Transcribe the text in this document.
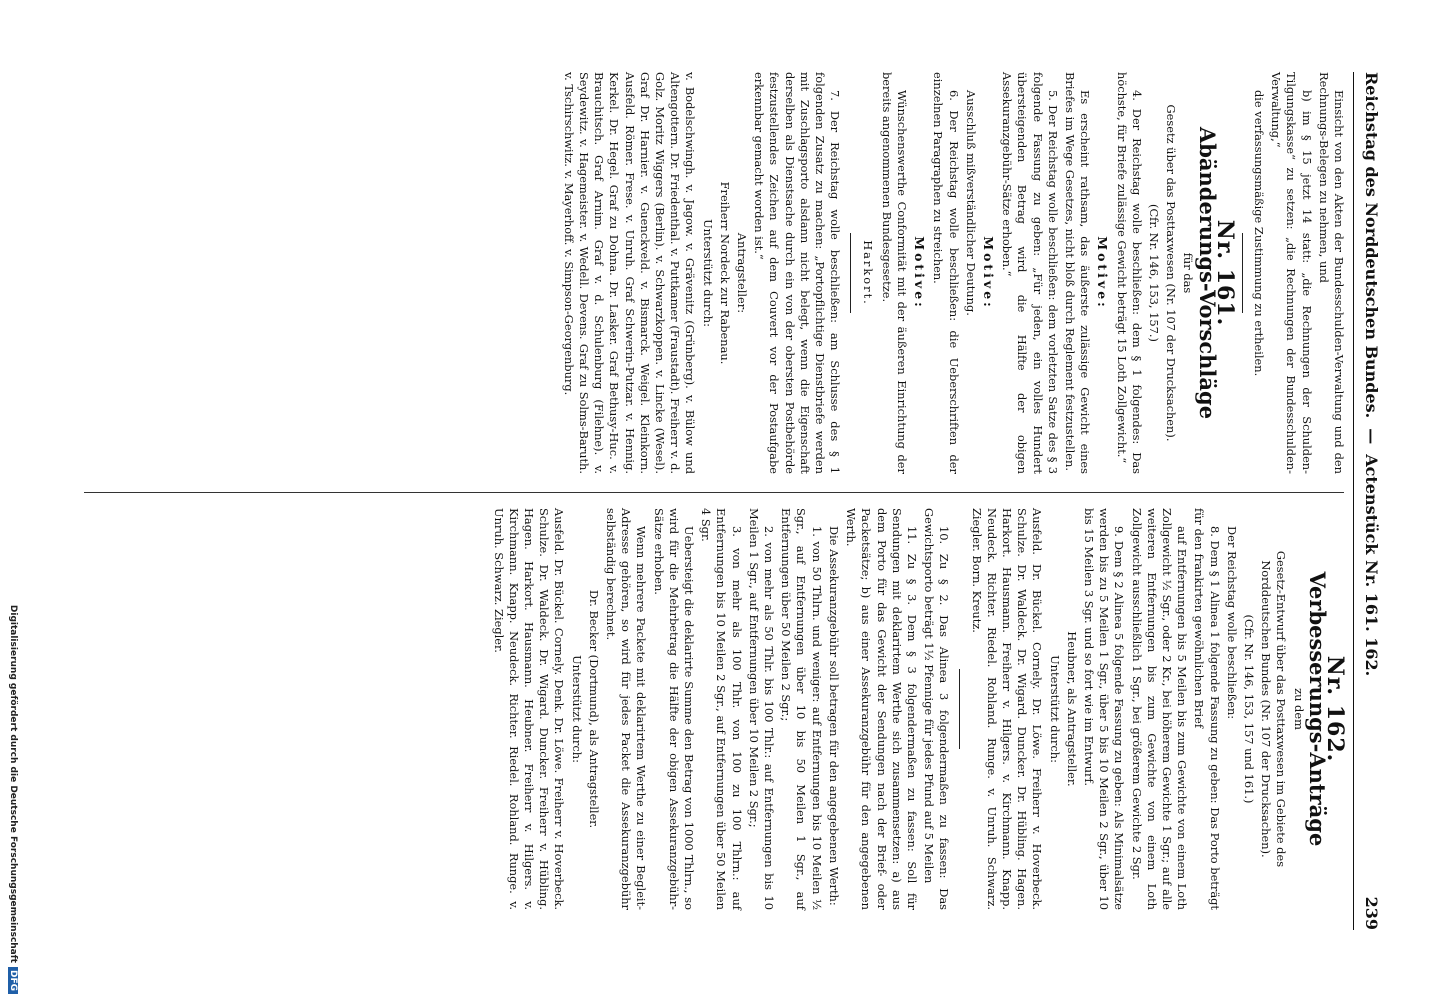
Reichstag des Norddeutschen Bundes.
—
Actenstück Nr. 161. 162.
239

Einsicht von den Akten der Bundesschulden-Verwaltung und den Rechnungs-Belegen zu nehmen, und

b) im § 15 jetzt 14 statt: „die Rechnungen der Schulden-Tilgungskasse“ zu setzen: „die Rechnungen der Bundesschulden-Verwaltung,“

die verfassungsmäßige Zustimmung zu ertheilen.

Nr. 161.
Abänderungs-Vorschläge

für das

Gesetz über das Posttaxwesen (Nr. 107 der Drucksachen).

(Cfr. Nr. 146, 153, 157.)

4. Der Reichstag wolle beschließen: dem § 1 folgendes: Das höchste, für Briefe zulässige Gewicht beträgt 15 Loth Zollgewicht.“

Motive:

Es erscheint rathsam, das äußerste zulässige Gewicht eines Briefes im Wege Gesetzes, nicht bloß durch Reglement festzustellen.

5. Der Reichstag wolle beschließen: dem vorletzten Satze des § 3 folgende Fassung zu geben: „Für jeden, ein volles Hundert übersteigenden Betrag wird die Hälfte der obigen Assekuranzgebühr-Sätze erhoben.“

Motive:

Ausschluß mißverständlicher Deutung.

6. Der Reichstag wolle beschließen: die Ueberschriften der einzelnen Paragraphen zu streichen.

Motive:

Wünschenswerthe Conformität mit der äußeren Einrichtung der bereits angenommenen Bundesgesetze.

Harkort.

7. Der Reichstag wolle beschließen: am Schlusse des § 1 folgenden Zusatz zu machen: „Portopflichtige Dienstbriefe werden mit Zuschlagsporto alsdann nicht belegt, wenn die Eigenschaft derselben als Dienstsache durch ein von der obersten Postbehörde festzustellendes Zeichen auf dem Couvert vor der Postaufgabe erkennbar gemacht worden ist.“

Antragsteller:

Freiherr Nordeck zur Rabenau.

Unterstützt durch:

v. Bodelschwingh. v. Jagow. v. Grävenitz (Grünberg). v. Bülow und Altengottern. Dr. Friedenthal. v. Puttkamer (Fraustadt). Freiherr v. d. Golz. Moritz Wiggers (Berlin). v. Schwarzkoppen. v. Lincke (Wesel). Graf Dr. Harnier. v. Guenckveld. v. Bismarck. Weigel. Kleinkorn. Ausfeld. Römer. Frese. v. Unruh. Graf Schwerin-Putzar. v. Hennig. Kerkel. Dr. Hegel. Graf zu Dohna. Dr. Lasker. Graf Bethusy-Huc. v. Brauchitsch. Graf Arnim. Graf v. d. Schulenburg (Filehne). v. Seydewitz. v. Hagemeister. v. Wedell. Devens. Graf zu Solms-Baruth. v. Tschirschwitz. v. Mayerhoff. v. Simpson-Georgenburg.

Nr. 162.
Verbesserungs-Anträge

zu dem

Gesetz-Entwurf über das Posttaxwesen im Gebiete des Norddeutschen Bundes (Nr. 107 der Drucksachen).

(Cfr. Nr. 146, 153, 157 und 161.)

Der Reichstag wolle beschließen:

8. Dem § 1 Alinea 1 folgende Fassung zu geben: Das Porto beträgt für den frankirten gewöhnlichen Brief

auf Entfernungen bis 5 Meilen bis zum Gewichte von einem Loth Zollgewicht ½ Sgr., oder 2 Kr., bei höherem Gewichte 1 Sgr.; auf alle weiteren Entfernungen bis zum Gewichte von einem Loth Zollgewicht ausschließlich 1 Sgr., bei größerem Gewichte 2 Sgr.

9. Dem § 2 Alinea 5 folgende Fassung zu geben: Als Minimalsätze werden bis zu 5 Meilen 1 Sgr., über 5 bis 10 Meilen 2 Sgr., über 10 bis 15 Meilen 3 Sgr. und so fort wie im Entwurf.

Heubner, als Antragsteller.

Unterstützt durch:

Ausfeld. Dr. Bückel. Cornely. Dr. Löwe. Freiherr v. Hoverbeck. Schulze. Dr. Waldeck. Dr. Wigard. Duncker. Dr. Hübling. Hagen. Harkort. Hausmann. Freiherr v. Hilgers. v. Kirchmann. Knapp. Neudeck. Richter. Riedel. Rohland. Runge. v. Unruh. Schwarz. Ziegler. Born. Kreutz.

10. Zu § 2. Das Alinea 3 folgendermaßen zu fassen: Das Gewichtsporto beträgt 1½ Pfennige für jedes Pfund auf 5 Meilen

11. Zu § 3. Dem § 3 folgendermaßen zu fassen: Soll für Sendungen mit deklarirtem Werthe sich zusammensetzen: a) aus dem Porto für das Gewicht der Sendungen nach der Brief- oder Packetsätze; b) aus einer Assekuranzgebühr für den angegebenen Werth.

Die Assekuranzgebühr soll betragen für den angegebenen Werth:

1. von 50 Thlrn. und weniger: auf Entfernungen bis 10 Meilen ½ Sgr., auf Entfernungen über 10 bis 50 Meilen 1 Sgr., auf Entfernungen über 50 Meilen 2 Sgr.;

2. von mehr als 50 Thlr. bis 100 Thlr.: auf Entfernungen bis 10 Meilen 1 Sgr., auf Entfernungen über 10 Meilen 2 Sgr.;

3. von mehr als 100 Thlr. von 100 zu 100 Thlrn.: auf Entfernungen bis 10 Meilen 2 Sgr., auf Entfernungen über 50 Meilen 4 Sgr.

Uebersteigt die deklarirte Summe den Betrag von 1000 Thlrn., so wird für die Mehrbetrag die Hälfte der obigen Assekuranzgebühr-Sätze erhoben.

Wenn mehrere Packete mit deklarirtem Werthe zu einer Begleit-Adresse gehören, so wird für jedes Packet die Assekuranzgebühr selbständig berechnet.

Dr. Becker (Dortmund), als Antragsteller.

Unterstützt durch:

Ausfeld. Dr. Bückel. Cornely. Denk. Dr. Löwe. Freiherr v. Hoverbeck. Schulze. Dr. Waldeck. Dr. Wigard. Duncker. Freiherr v. Hübling. Hagen. Harkort. Hausmann. Heubner. Freiherr v. Hilgers. v. Kirchmann. Knapp. Neudeck. Richter. Riedel. Rohland. Runge. v. Unruh. Schwarz. Ziegler.

Digitalisierung gefördert durch die Deutsche ForschungsgemeinschaftDFG
